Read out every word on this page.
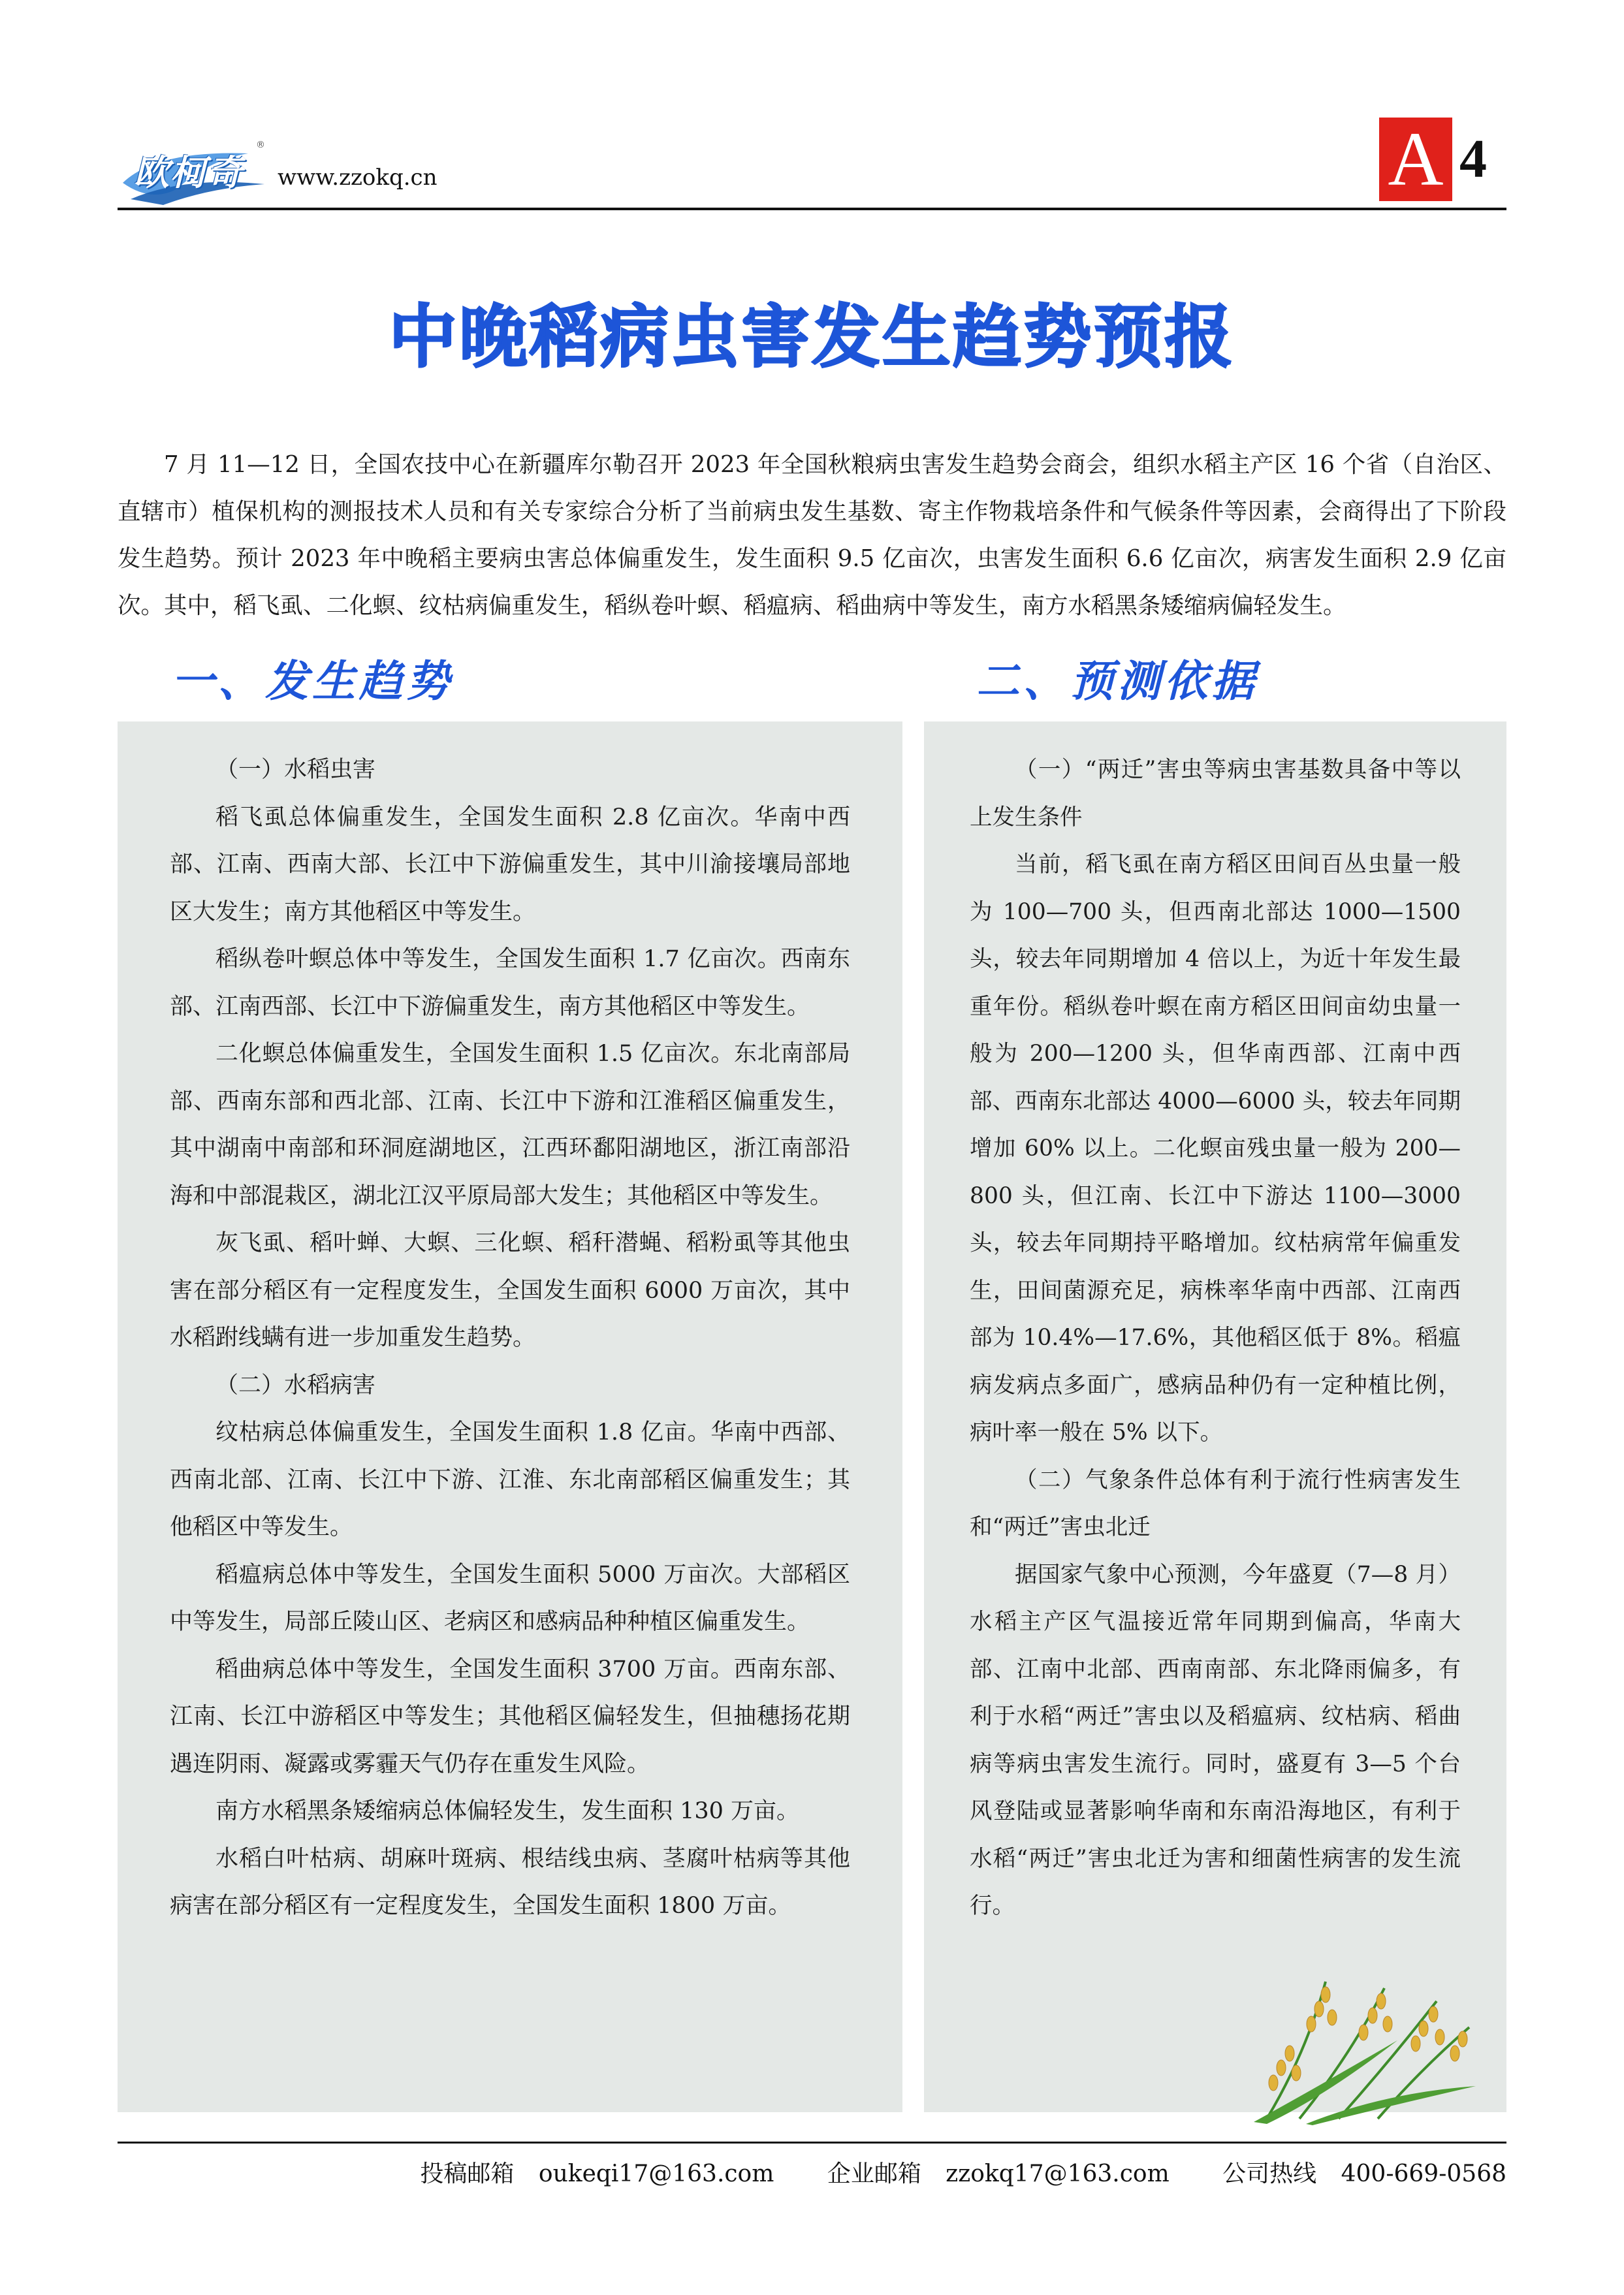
欧柯奇
®
www.zzokq.cn	A 4
中晚稻病虫害发生趋势预报

7 月 11—12 日，全国农技中心在新疆库尔勒召开 2023 年全国秋粮病虫害发生趋势会商会，组织水稻主产区 16 个省（自治区、直辖市）植保机构的测报技术人员和有关专家综合分析了当前病虫发生基数、寄主作物栽培条件和气候条件等因素，会商得出了下阶段发生趋势。预计 2023 年中晚稻主要病虫害总体偏重发生，发生面积 9.5 亿亩次，虫害发生面积 6.6 亿亩次，病害发生面积 2.9 亿亩次。其中，稻飞虱、二化螟、纹枯病偏重发生，稻纵卷叶螟、稻瘟病、稻曲病中等发生，南方水稻黑条矮缩病偏轻发生。

一、发生趋势	二、预测依据

（一）水稻虫害

稻飞虱总体偏重发生，全国发生面积 2.8 亿亩次。华南中西部、江南、西南大部、长江中下游偏重发生，其中川渝接壤局部地区大发生；南方其他稻区中等发生。

稻纵卷叶螟总体中等发生，全国发生面积 1.7 亿亩次。西南东部、江南西部、长江中下游偏重发生，南方其他稻区中等发生。

二化螟总体偏重发生，全国发生面积 1.5 亿亩次。东北南部局部、西南东部和西北部、江南、长江中下游和江淮稻区偏重发生，其中湖南中南部和环洞庭湖地区，江西环鄱阳湖地区，浙江南部沿海和中部混栽区，湖北江汉平原局部大发生；其他稻区中等发生。

灰飞虱、稻叶蝉、大螟、三化螟、稻秆潜蝇、稻粉虱等其他虫害在部分稻区有一定程度发生，全国发生面积 6000 万亩次，其中水稻跗线螨有进一步加重发生趋势。

（二）水稻病害

纹枯病总体偏重发生，全国发生面积 1.8 亿亩。华南中西部、西南北部、江南、长江中下游、江淮、东北南部稻区偏重发生；其他稻区中等发生。

稻瘟病总体中等发生，全国发生面积 5000 万亩次。大部稻区中等发生，局部丘陵山区、老病区和感病品种种植区偏重发生。

稻曲病总体中等发生，全国发生面积 3700 万亩。西南东部、江南、长江中游稻区中等发生；其他稻区偏轻发生，但抽穗扬花期遇连阴雨、凝露或雾霾天气仍存在重发生风险。

南方水稻黑条矮缩病总体偏轻发生，发生面积 130 万亩。

水稻白叶枯病、胡麻叶斑病、根结线虫病、茎腐叶枯病等其他病害在部分稻区有一定程度发生，全国发生面积 1800 万亩。

（一）“两迁”害虫等病虫害基数具备中等以上发生条件

当前，稻飞虱在南方稻区田间百丛虫量一般为 100—700 头，但西南北部达 1000—1500 头，较去年同期增加 4 倍以上，为近十年发生最重年份。稻纵卷叶螟在南方稻区田间亩幼虫量一般为 200—1200 头，但华南西部、江南中西部、西南东北部达 4000—6000 头，较去年同期增加 60% 以上。二化螟亩残虫量一般为 200—800 头，但江南、长江中下游达 1100—3000 头，较去年同期持平略增加。纹枯病常年偏重发生，田间菌源充足，病株率华南中西部、江南西部为 10.4%—17.6%，其他稻区低于 8%。稻瘟病发病点多面广，感病品种仍有一定种植比例，病叶率一般在 5% 以下。

（二）气象条件总体有利于流行性病害发生和“两迁”害虫北迁

据国家气象中心预测，今年盛夏（7—8 月）水稻主产区气温接近常年同期到偏高，华南大部、江南中北部、西南南部、东北降雨偏多，有利于水稻“两迁”害虫以及稻瘟病、纹枯病、稻曲病等病虫害发生流行。同时，盛夏有 3—5 个台风登陆或显著影响华南和东南沿海地区，有利于水稻“两迁”害虫北迁为害和细菌性病害的发生流行。

投稿邮箱 oukeqi17@163.com 企业邮箱 zzokq17@163.com 公司热线 400-669-0568
